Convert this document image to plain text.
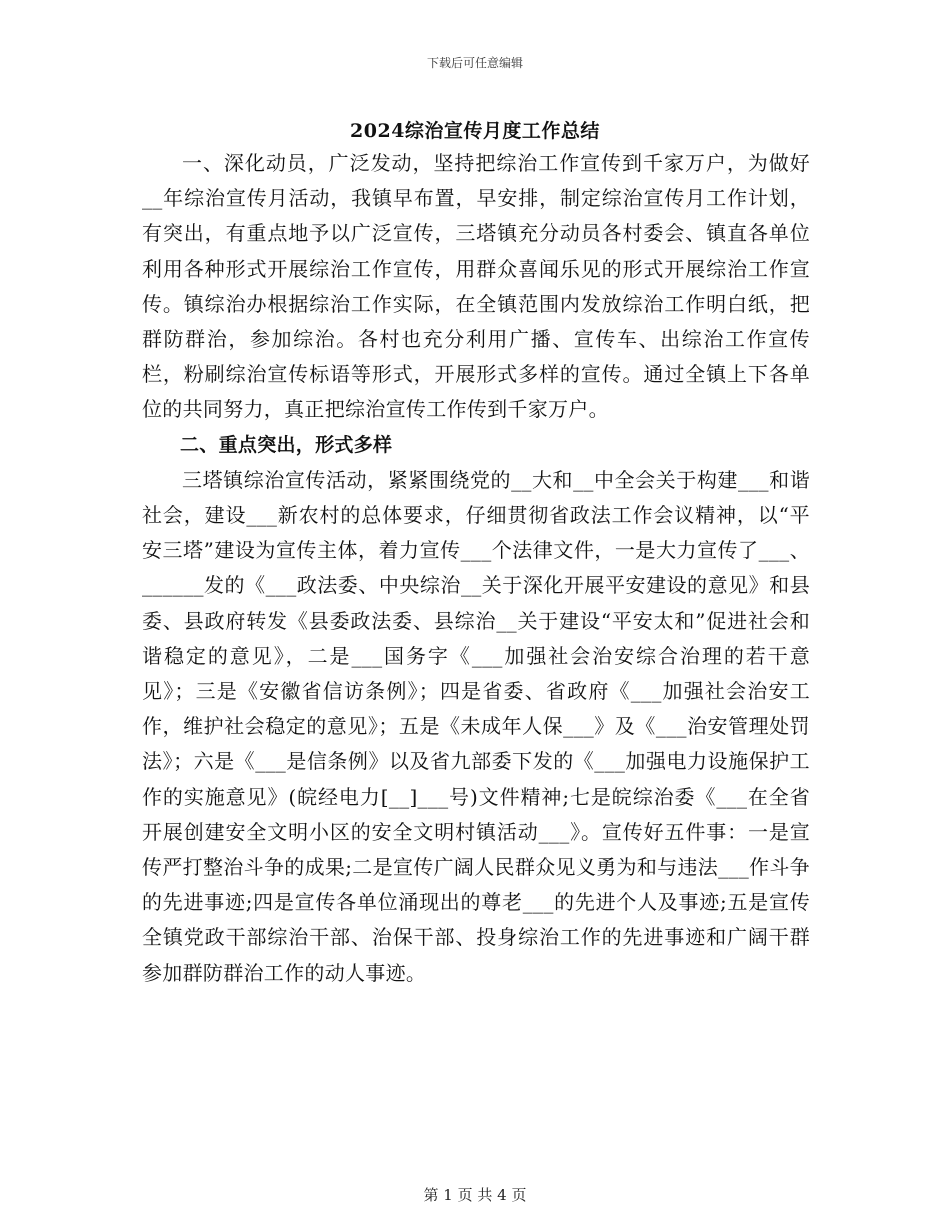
下载后可任意编辑
2024综治宣传月度工作总结

一、深化动员，广泛发动，坚持把综治工作宣传到千家万户，为做好__年综治宣传月活动，我镇早布置，早安排，制定综治宣传月工作计划，有突出，有重点地予以广泛宣传，三塔镇充分动员各村委会、镇直各单位利用各种形式开展综治工作宣传，用群众喜闻乐见的形式开展综治工作宣传。镇综治办根据综治工作实际，在全镇范围内发放综治工作明白纸，把群防群治，参加综治。各村也充分利用广播、宣传车、出综治工作宣传栏，粉刷综治宣传标语等形式，开展形式多样的宣传。通过全镇上下各单位的共同努力，真正把综治宣传工作传到千家万户。

二、重点突出，形式多样

三塔镇综治宣传活动，紧紧围绕党的__大和__中全会关于构建___和谐社会，建设___新农村的总体要求，仔细贯彻省政法工作会议精神，以“平安三塔”建设为宣传主体，着力宣传___个法律文件，一是大力宣传了___、______发的《___政法委、中央综治__关于深化开展平安建设的意见》和县委、县政府转发《县委政法委、县综治__关于建设“平安太和”促进社会和谐稳定的意见》，二是___国务字《___加强社会治安综合治理的若干意见》；三是《安徽省信访条例》；四是省委、省政府《___加强社会治安工作，维护社会稳定的意见》；五是《未成年人保___》及《___治安管理处罚法》；六是《___是信条例》以及省九部委下发的《___加强电力设施保护工作的实施意见》(皖经电力[__]___号)文件精神;七是皖综治委《___在全省开展创建安全文明小区的安全文明村镇活动___》。宣传好五件事：一是宣传严打整治斗争的成果;二是宣传广阔人民群众见义勇为和与违法___作斗争的先进事迹;四是宣传各单位涌现出的尊老___的先进个人及事迹;五是宣传全镇党政干部综治干部、治保干部、投身综治工作的先进事迹和广阔干群参加群防群治工作的动人事迹。

第 1 页 共 4 页
